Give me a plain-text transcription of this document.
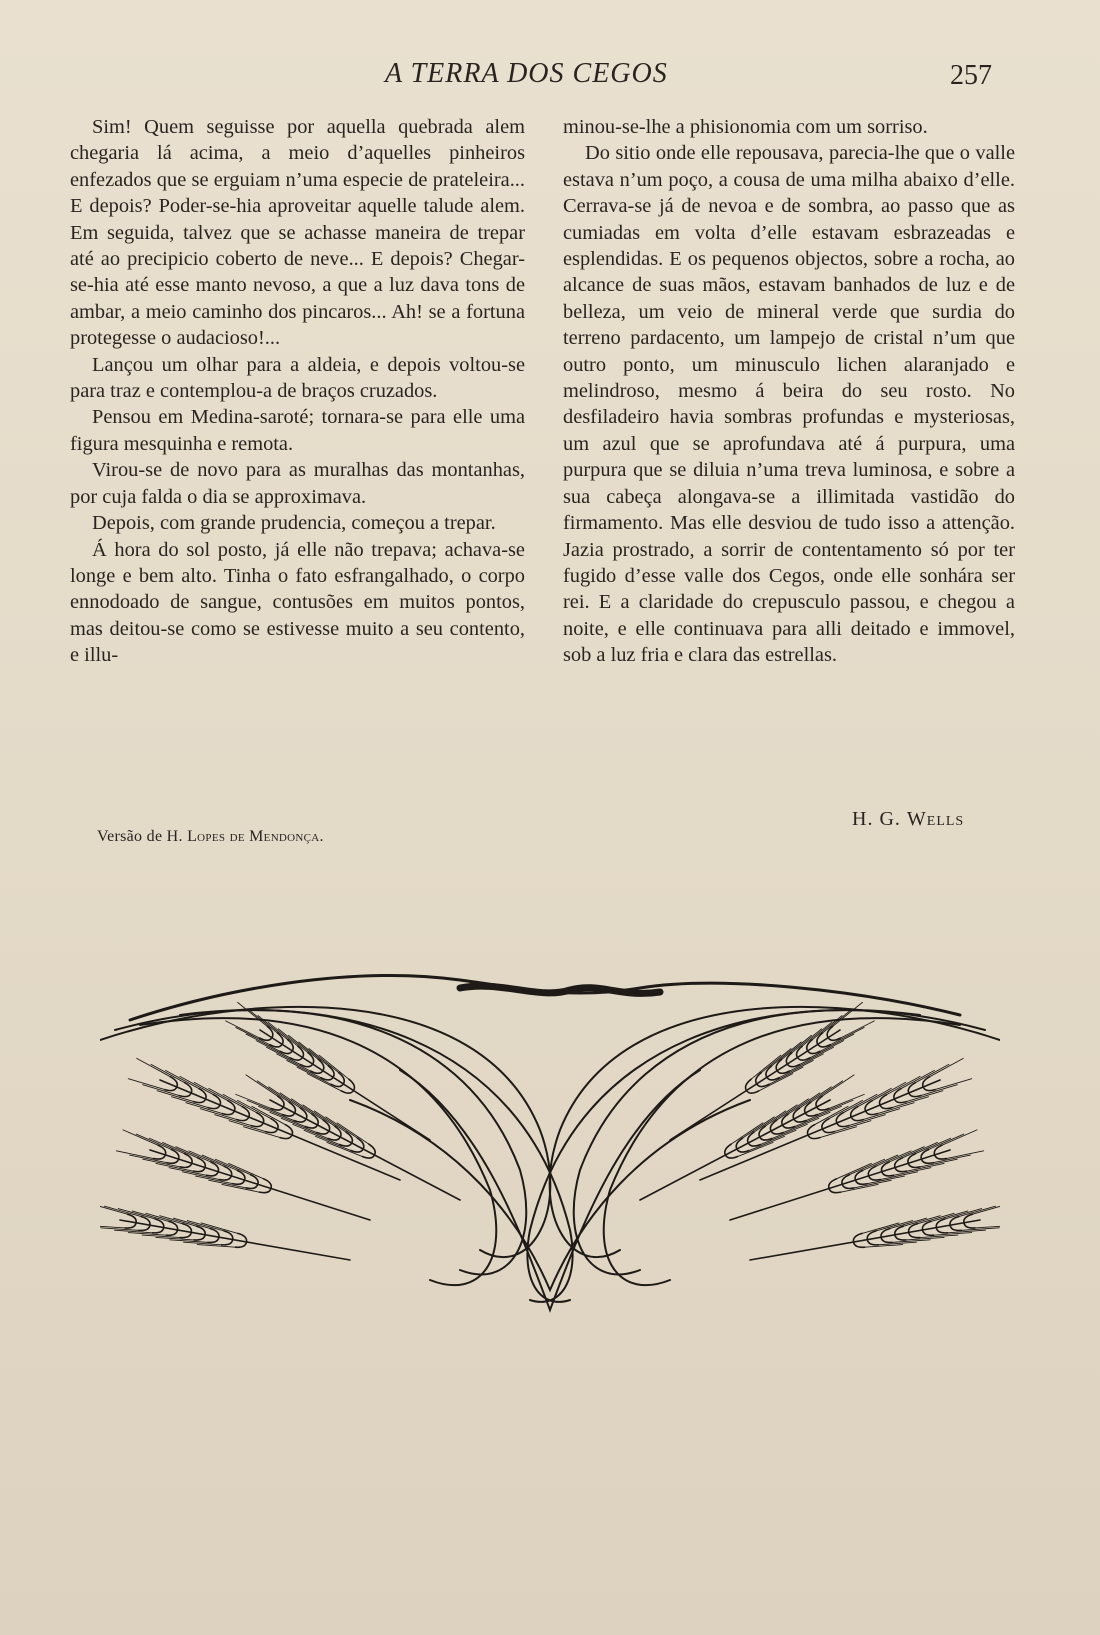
A TERRA DOS CEGOS	257

Sim! Quem seguisse por aquella quebrada alem chegaria lá acima, a meio d’aquelles pinheiros enfezados que se erguiam n’uma especie de prateleira... E depois? Poder-se-hia aproveitar aquelle talude alem. Em seguida, talvez que se achasse maneira de trepar até ao precipicio coberto de neve... E depois? Chegar-se-hia até esse manto nevoso, a que a luz dava tons de ambar, a meio caminho dos pincaros... Ah! se a fortuna protegesse o audacioso!...

Lançou um olhar para a aldeia, e depois voltou-se para traz e contemplou-a de braços cruzados.

Pensou em Medina-saroté; tornara-se para elle uma figura mesquinha e remota.

Virou-se de novo para as muralhas das montanhas, por cuja falda o dia se approximava.

Depois, com grande prudencia, começou a trepar.

Á hora do sol posto, já elle não trepava; achava-se longe e bem alto. Tinha o fato esfrangalhado, o corpo ennodoado de sangue, contusões em muitos pontos, mas deitou-se como se estivesse muito a seu contento, e illu-

minou-se-lhe a phisionomia com um sorriso.

Do sitio onde elle repousava, parecia-lhe que o valle estava n’um poço, a cousa de uma milha abaixo d’elle. Cerrava-se já de nevoa e de sombra, ao passo que as cumiadas em volta d’elle estavam esbrazeadas e esplendidas. E os pequenos objectos, sobre a rocha, ao alcance de suas mãos, estavam banhados de luz e de belleza, um veio de mineral verde que surdia do terreno pardacento, um lampejo de cristal n’um que outro ponto, um minusculo lichen alaranjado e melindroso, mesmo á beira do seu rosto. No desfiladeiro havia sombras profundas e mysteriosas, um azul que se aprofundava até á purpura, uma purpura que se diluia n’uma treva luminosa, e sobre a sua cabeça alongava-se a illimitada vastidão do firmamento. Mas elle desviou de tudo isso a attenção. Jazia prostrado, a sorrir de contentamento só por ter fugido d’esse valle dos Cegos, onde elle sonhára ser rei. E a claridade do crepusculo passou, e chegou a noite, e elle continuava para alli deitado e immovel, sob a luz fria e clara das estrellas.

H. G. Wells
Versão de H. Lopes de Mendonça.
